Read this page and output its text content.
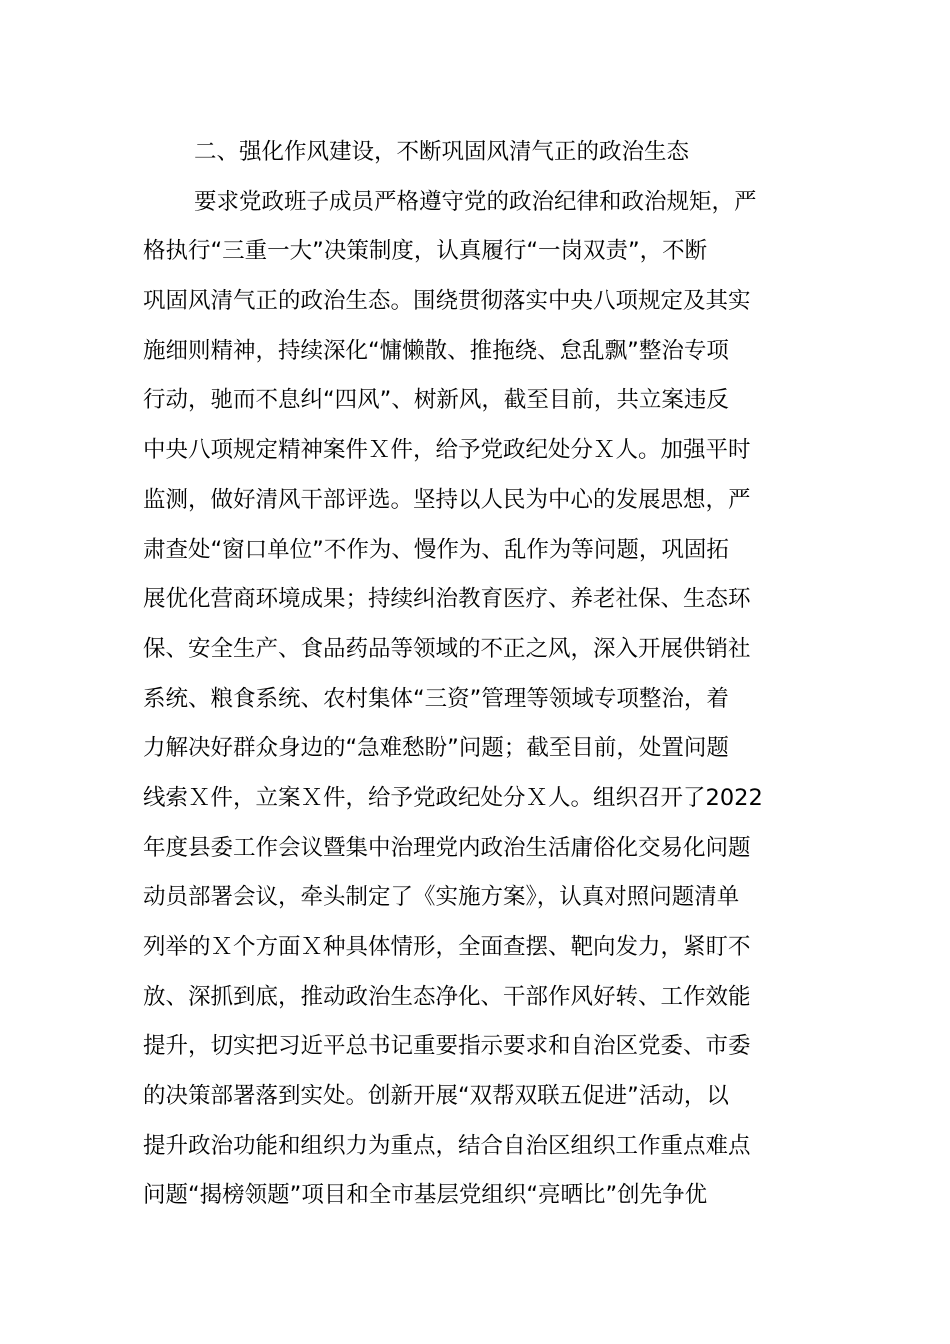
二、强化作风建设，不断巩固风清气正的政治生态
要求党政班子成员严格遵守党的政治纪律和政治规矩，严
格执行“三重一大”决策制度，认真履行“一岗双责”，不断
巩固风清气正的政治生态。围绕贯彻落实中央八项规定及其实
施细则精神，持续深化“慵懒散、推拖绕、怠乱飘”整治专项
行动，驰而不息纠“四风”、树新风，截至目前，共立案违反
中央八项规定精神案件Ｘ件，给予党政纪处分Ｘ人。加强平时
监测，做好清风干部评选。坚持以人民为中心的发展思想，严
肃查处“窗口单位”不作为、慢作为、乱作为等问题，巩固拓
展优化营商环境成果；持续纠治教育医疗、养老社保、生态环
保、安全生产、食品药品等领域的不正之风，深入开展供销社
系统、粮食系统、农村集体“三资”管理等领域专项整治，着
力解决好群众身边的“急难愁盼”问题；截至目前，处置问题
线索Ｘ件，立案Ｘ件，给予党政纪处分Ｘ人。组织召开了2022
年度县委工作会议暨集中治理党内政治生活庸俗化交易化问题
动员部署会议，牵头制定了《实施方案》，认真对照问题清单
列举的Ｘ个方面Ｘ种具体情形，全面查摆、靶向发力，紧盯不
放、深抓到底，推动政治生态净化、干部作风好转、工作效能
提升，切实把习近平总书记重要指示要求和自治区党委、市委
的决策部署落到实处。创新开展“双帮双联五促进”活动，以
提升政治功能和组织力为重点，结合自治区组织工作重点难点
问题“揭榜领题”项目和全市基层党组织“亮晒比”创先争优
